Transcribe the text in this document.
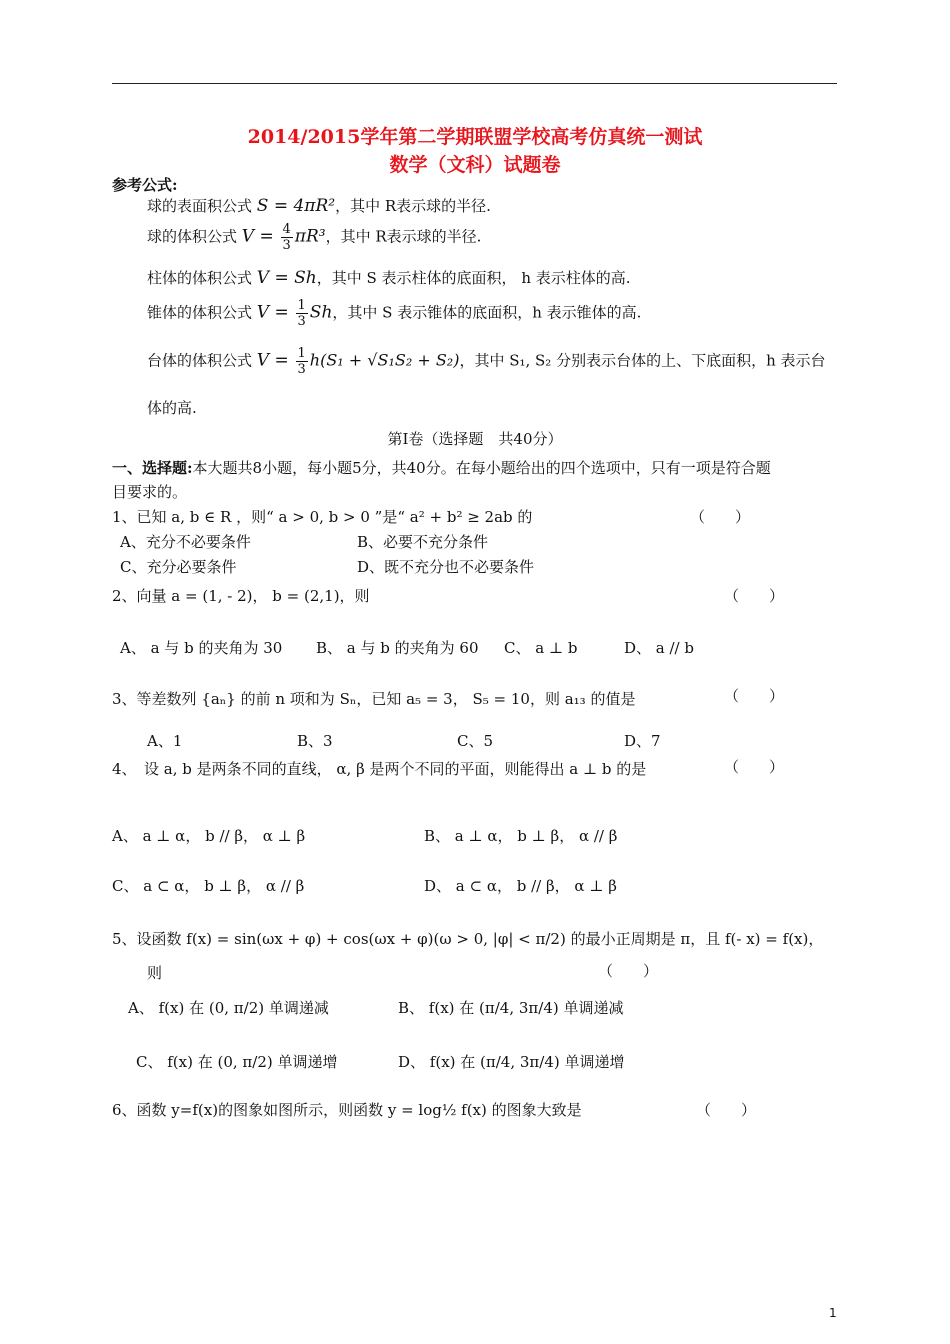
2014/2015学年第二学期联盟学校高考仿真统一测试
数学（文科）试题卷
参考公式:
球的表面积公式 S = 4πR²，其中 R表示球的半径.
球的体积公式 $V = \frac{4}{3} \pi R^3$，其中 R表示球的半径.
柱体的体积公式 V = Sh，其中 S 表示柱体的底面积， h 表示柱体的高.
锥体的体积公式 $V = \frac{1}{3}$ Sh，其中 S 表示锥体的底面积，h 表示锥体的高.
台体的体积公式 $V = \frac{1}{3} h(S_1 + √S_1S_2 + S_2)$，其中 S₁, S₂ 分别表示台体的上、下底面积，h 表示台
体的高.
第Ⅰ卷（选择题　共40分）
一、选择题:本大题共8小题，每小题5分，共40分。在每小题给出的四个选项中，只有一项是符合题
目要求的。
1、已知 a, b ∈ R ，则“ a > 0, b > 0 ”是“ a² + b² ≥ 2ab 的	（　　）
A、充分不必要条件	B、必要不充分条件
C、充分必要条件	D、既不充分也不必要条件
2、向量 a = (1, - 2)， b = (2,1)，则	（　　）
A、 a 与 b 的夹角为 30 B、 a 与 b 的夹角为 60 C、 a ⊥ b	D、 a // b
3、等差数列 {aₙ} 的前 n 项和为 Sₙ，已知 a₅ = 3， S₅ = 10，则 a₁₃ 的值是	（　　）
A、1	B、3	C、5	D、7
4、　设 a, b 是两条不同的直线， α, β 是两个不同的平面，则能得出 a ⊥ b 的是	（　　）
A、 a ⊥ α， b // β， α ⊥ β	B、 a ⊥ α， b ⊥ β， α // β
C、 a ⊂ α， b ⊥ β， α // β	D、 a ⊂ α， b // β， α ⊥ β
5、设函数 f(x) = sin(ωx + φ) + cos(ωx + φ)(ω > 0, |φ| < π/2) 的最小正周期是 π，且 f(- x) = f(x)，
则	（　　）
A、 f(x) 在 (0, π/2) 单调递减	B、 f(x) 在 (π/4, 3π/4) 单调递减
C、 f(x) 在 (0, π/2) 单调递增	D、 f(x) 在 (π/4, 3π/4) 单调递增
6、函数 y=f(x)的图象如图所示，则函数 y = log½ f(x) 的图象大致是	（　　）
1
